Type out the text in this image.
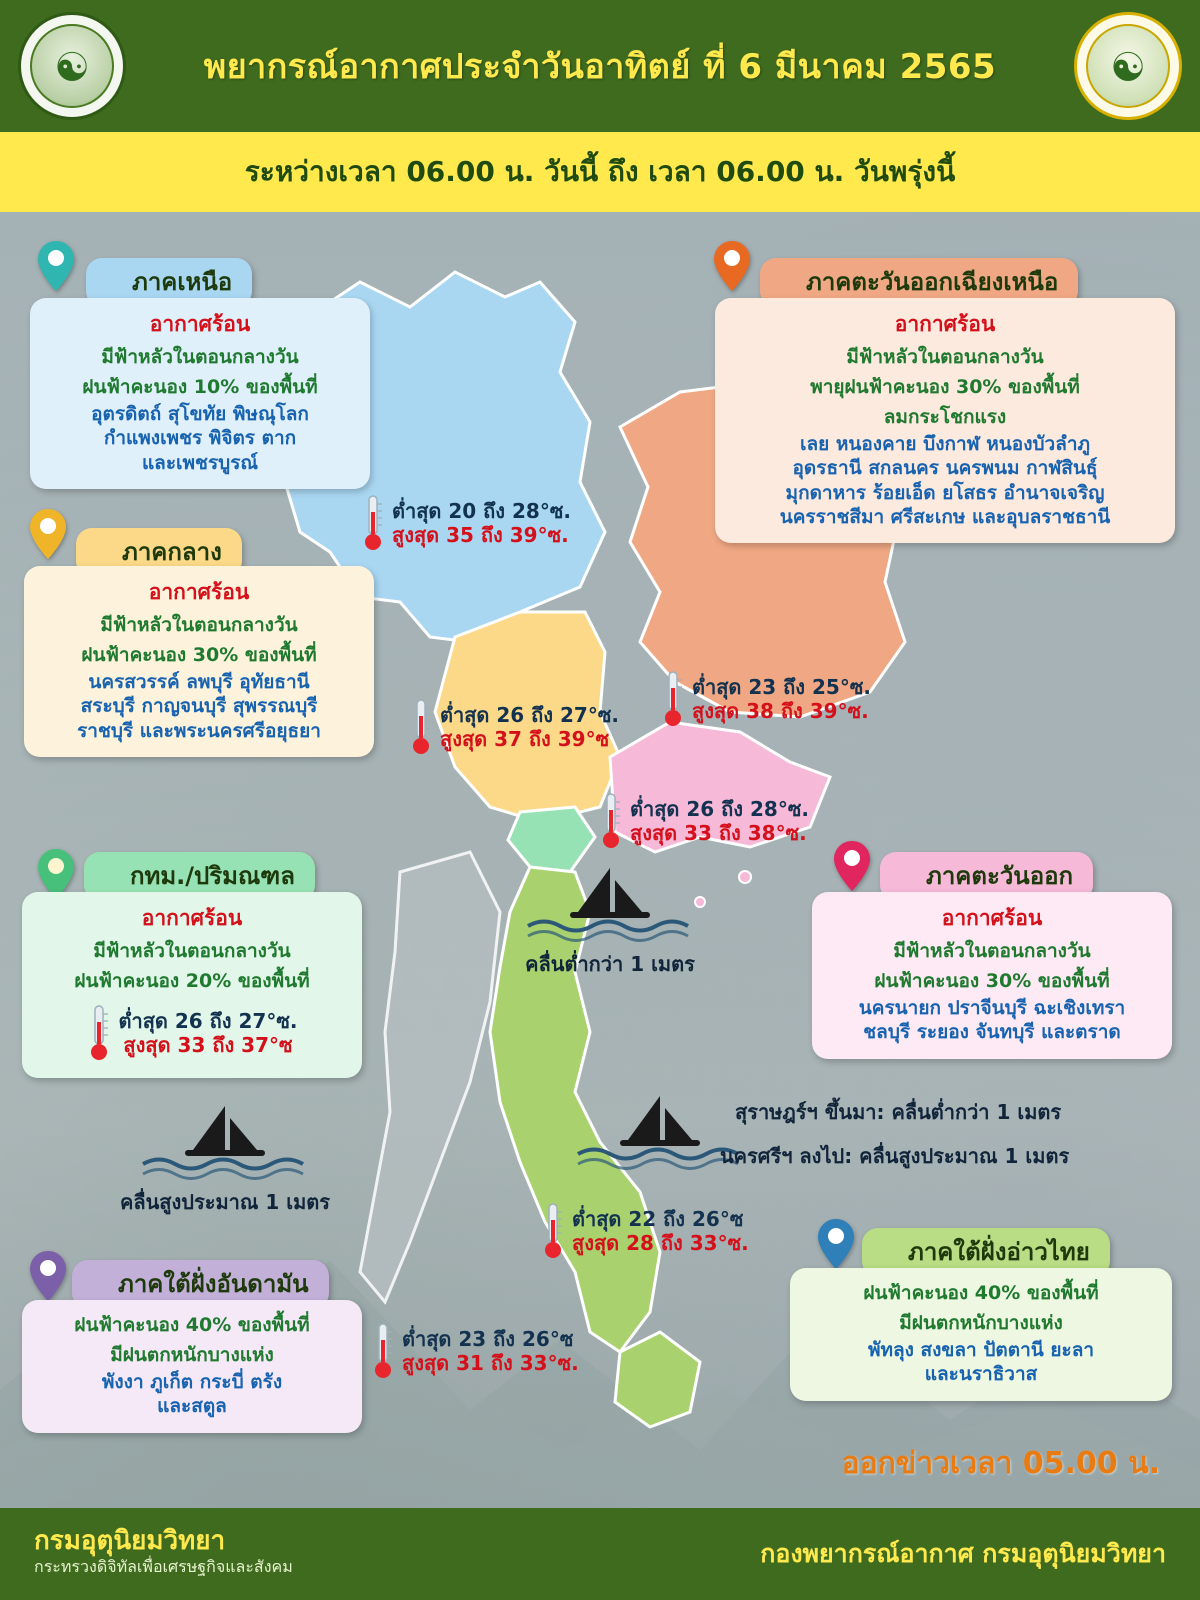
☯	พยากรณ์อากาศประจำวันอาทิตย์ ที่ 6 มีนาคม 2565	☯
ระหว่างเวลา 06.00 น. วันนี้ ถึง เวลา 06.00 น. วันพรุ่งนี้
ภาคเหนือ
อากาศร้อน
มีฟ้าหลัวในตอนกลางวัน
ฝนฟ้าคะนอง 10% ของพื้นที่
อุตรดิตถ์ สุโขทัย พิษณุโลก
กำแพงเพชร พิจิตร ตาก
และเพชรบูรณ์
ต่ำสุด 20 ถึง 28°ซ.
สูงสุด 35 ถึง 39°ซ.
ภาคตะวันออกเฉียงเหนือ
อากาศร้อน
มีฟ้าหลัวในตอนกลางวัน
พายุฝนฟ้าคะนอง 30% ของพื้นที่
ลมกระโชกแรง
เลย หนองคาย บึงกาฬ หนองบัวลำภู
อุดรธานี สกลนคร นครพนม กาฬสินธุ์
มุกดาหาร ร้อยเอ็ด ยโสธร อำนาจเจริญ
นครราชสีมา ศรีสะเกษ และอุบลราชธานี
ต่ำสุด 23 ถึง 25°ซ.
สูงสุด 38 ถึง 39°ซ.
ภาคกลาง
อากาศร้อน
มีฟ้าหลัวในตอนกลางวัน
ฝนฟ้าคะนอง 30% ของพื้นที่
นครสวรรค์ ลพบุรี อุทัยธานี
สระบุรี กาญจนบุรี สุพรรณบุรี
ราชบุรี และพระนครศรีอยุธยา
ต่ำสุด 26 ถึง 27°ซ.
สูงสุด 37 ถึง 39°ซ
ต่ำสุด 26 ถึง 28°ซ.
สูงสุด 33 ถึง 38°ซ.
กทม./ปริมณฑล
อากาศร้อน
มีฟ้าหลัวในตอนกลางวัน
ฝนฟ้าคะนอง 20% ของพื้นที่
ต่ำสุด 26 ถึง 27°ซ.
สูงสุด 33 ถึง 37°ซ
ภาคตะวันออก
อากาศร้อน
มีฟ้าหลัวในตอนกลางวัน
ฝนฟ้าคะนอง 30% ของพื้นที่
นครนายก ปราจีนบุรี ฉะเชิงเทรา
ชลบุรี ระยอง จันทบุรี และตราด
คลื่นต่ำกว่า 1 เมตร
คลื่นสูงประมาณ 1 เมตร
สุราษฎร์ฯ ขึ้นมา: คลื่นต่ำกว่า 1 เมตร
นครศรีฯ ลงไป: คลื่นสูงประมาณ 1 เมตร
ต่ำสุด 22 ถึง 26°ซ
สูงสุด 28 ถึง 33°ซ.
ต่ำสุด 23 ถึง 26°ซ
สูงสุด 31 ถึง 33°ซ.
ภาคใต้ฝั่งอันดามัน
ฝนฟ้าคะนอง 40% ของพื้นที่
มีฝนตกหนักบางแห่ง
พังงา ภูเก็ต กระบี่ ตรัง
และสตูล
ภาคใต้ฝั่งอ่าวไทย
ฝนฟ้าคะนอง 40% ของพื้นที่
มีฝนตกหนักบางแห่ง
พัทลุง สงขลา ปัตตานี ยะลา
และนราธิวาส
ออกข่าวเวลา 05.00 น.
กรมอุตุนิยมวิทยา
กระทรวงดิจิทัลเพื่อเศรษฐกิจและสังคม	กองพยากรณ์อากาศ กรมอุตุนิยมวิทยา
